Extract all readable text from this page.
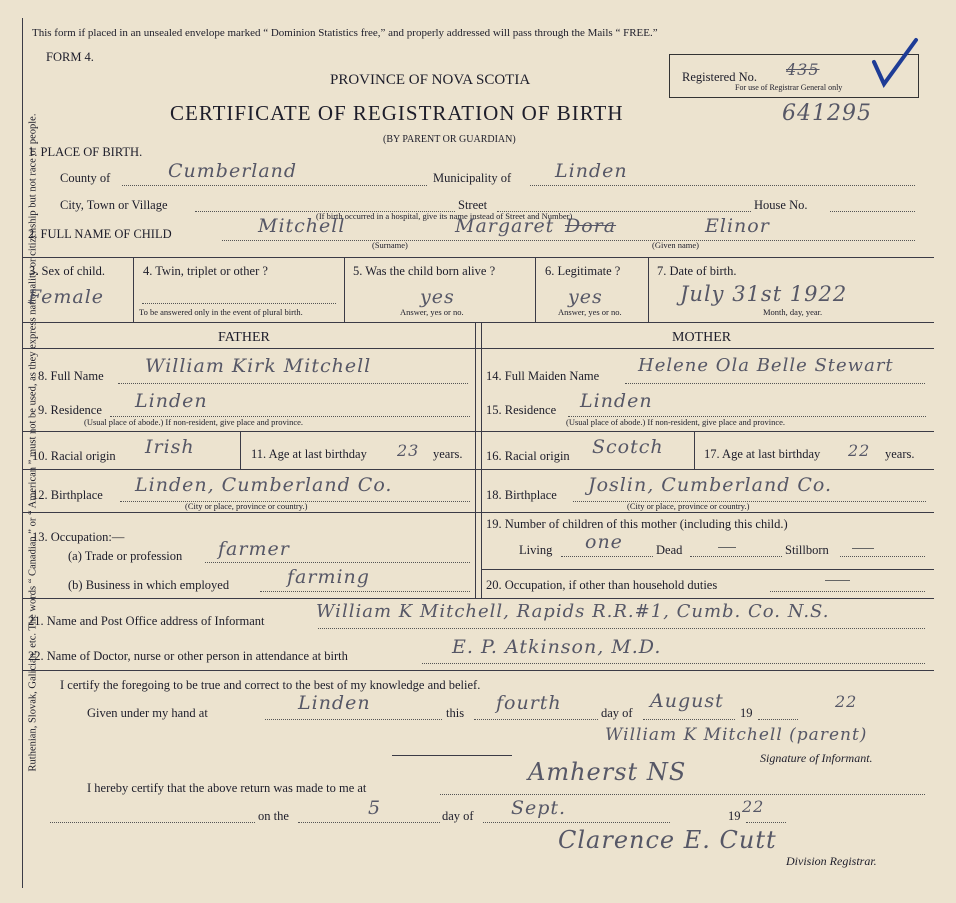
Ruthenian, Slovak, Galician, etc. The words “ Canadian ” or “ American ” must not be used, as they express nationality or citizenship but not race or people.
This form if placed in an unsealed envelope marked “ Dominion Statistics free,” and properly addressed will pass through the Mails “ FREE.”
FORM 4.
PROVINCE OF NOVA SCOTIA
CERTIFICATE OF REGISTRATION OF BIRTH	641295
(BY PARENT OR GUARDIAN)
Registered No. 435
For use of Registrar General only
1. PLACE OF BIRTH.
County of	Cumberland	Municipality of Linden
City, Town or Village	Street	House No.
(If birth occurred in a hospital, give its name instead of Street and Number)
2. FULL NAME OF CHILD	Mitchell	Margaret Dora	Elinor
(Surname)	(Given name)
3. Sex of child.
Female
4. Twin, triplet or other ?
To be answered only in the event of plural birth.
5. Was the child born alive ?
yes
Answer, yes or no.
6. Legitimate ?
yes
Answer, yes or no.
7. Date of birth.
July 31st 1922
Month, day, year.
FATHER	MOTHER
8. Full Name William Kirk Mitchell	14. Full Maiden Name Helene Ola Belle Stewart
9. Residence Linden
(Usual place of abode.) If non-resident, give place and province.
15. Residence Linden
(Usual place of abode.) If non-resident, give place and province.
10. Racial origin Irish	11. Age at last birthday 23 years. 16. Racial origin Scotch	17. Age at last birthday 22 years.
12. Birthplace Linden, Cumberland Co.
(City or place, province or country.)
18. Birthplace Joslin, Cumberland Co.
(City or place, province or country.)
13. Occupation:—
(a) Trade or profession farmer
(b) Business in which employed	farming
19. Number of children of this mother (including this child.)
Living one	Dead	Stillborn
20. Occupation, if other than household duties
21. Name and Post Office address of Informant	William K Mitchell, Rapids R.R.#1, Cumb. Co. N.S.
22. Name of Doctor, nurse or other person in attendance at birth	E. P. Atkinson, M.D.
I certify the foregoing to be true and correct to the best of my knowledge and belief.
Given under my hand at	Linden	this fourth	day of
August
19
22
William K Mitchell (parent)
Signature of Informant.
I hereby certify that the above return was made to me at
Amherst NS
on the	5	day of Sept.	19 22
Clarence E. Cutt
Division Registrar.
